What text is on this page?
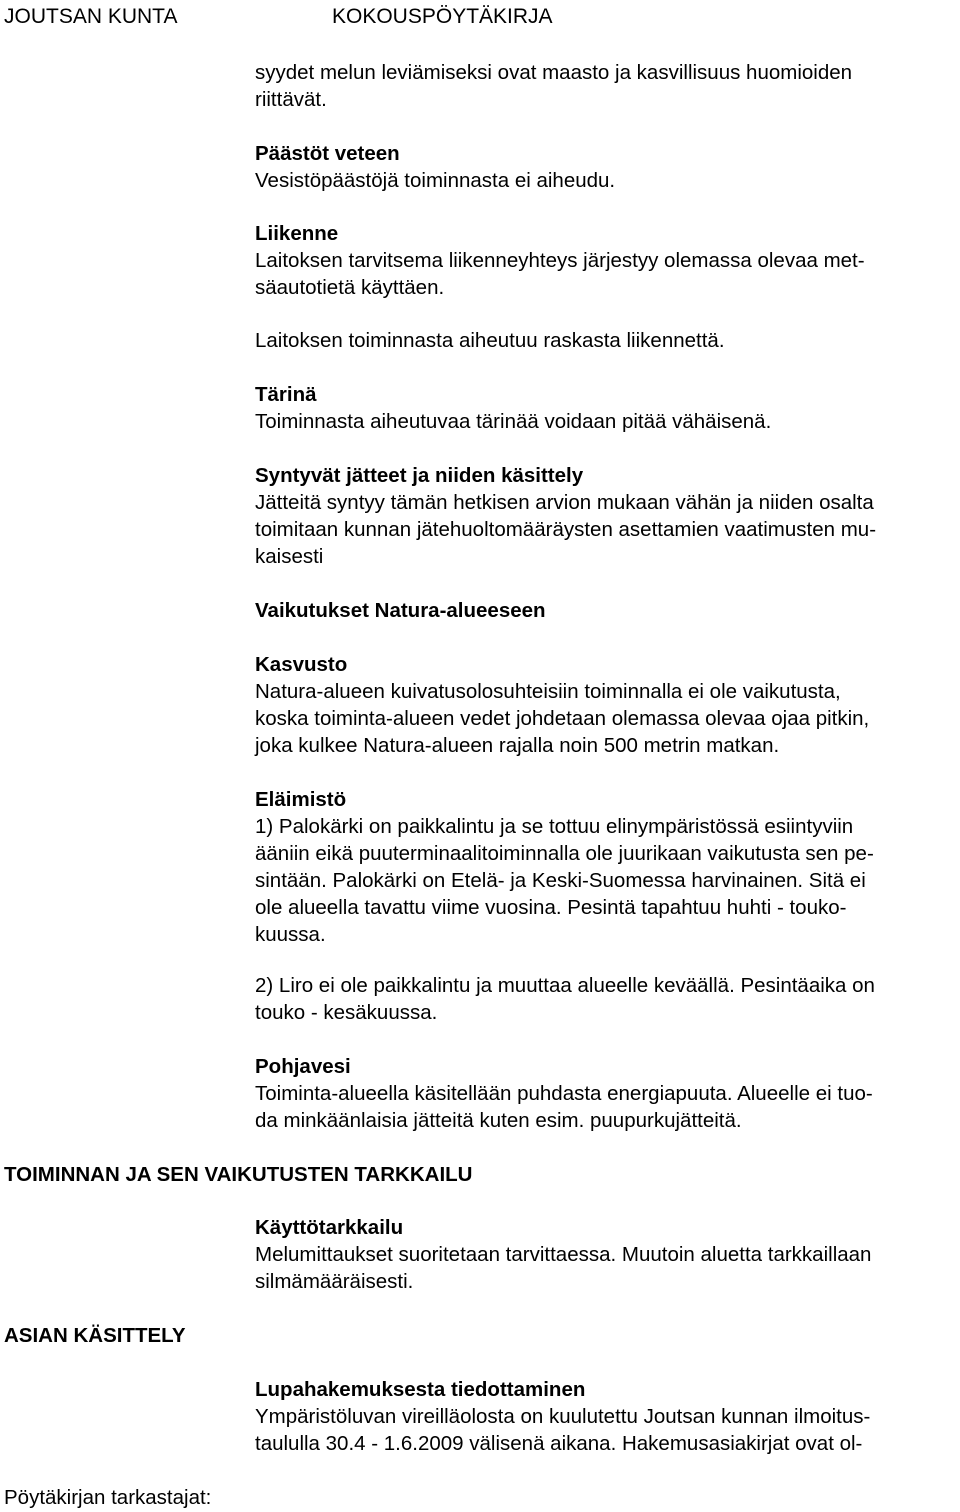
JOUTSAN KUNTA	KOKOUSPÖYTÄKIRJA
syydet melun leviämiseksi ovat maasto ja kasvillisuus huomioiden
riittävät.
Päästöt veteen
Vesistöpäästöjä toiminnasta ei aiheudu.
Liikenne
Laitoksen tarvitsema liikenneyhteys järjestyy olemassa olevaa met-
säautotietä käyttäen.
Laitoksen toiminnasta aiheutuu raskasta liikennettä.
Tärinä
Toiminnasta aiheutuvaa tärinää voidaan pitää vähäisenä.
Syntyvät jätteet ja niiden käsittely
Jätteitä syntyy tämän hetkisen arvion mukaan vähän ja niiden osalta
toimitaan kunnan jätehuoltomääräysten asettamien vaatimusten mu-
kaisesti
Vaikutukset Natura-alueeseen
Kasvusto
Natura-alueen kuivatusolosuhteisiin toiminnalla ei ole vaikutusta,
koska toiminta-alueen vedet johdetaan olemassa olevaa ojaa pitkin,
joka kulkee Natura-alueen rajalla noin 500 metrin matkan.
Eläimistö
1) Palokärki on paikkalintu ja se tottuu elinympäristössä esiintyviin
ääniin eikä puuterminaalitoiminnalla ole juurikaan vaikutusta sen pe-
sintään. Palokärki on Etelä- ja Keski-Suomessa harvinainen. Sitä ei
ole alueella tavattu viime vuosina. Pesintä tapahtuu huhti - touko-
kuussa.
2) Liro ei ole paikkalintu ja muuttaa alueelle keväällä. Pesintäaika on
touko - kesäkuussa.
Pohjavesi
Toiminta-alueella käsitellään puhdasta energiapuuta. Alueelle ei tuo-
da minkäänlaisia jätteitä kuten esim. puupurkujätteitä.
TOIMINNAN JA SEN VAIKUTUSTEN TARKKAILU
Käyttötarkkailu
Melumittaukset suoritetaan tarvittaessa. Muutoin aluetta tarkkaillaan
silmämääräisesti.
ASIAN KÄSITTELY
Lupahakemuksesta tiedottaminen
Ympäristöluvan vireilläolosta on kuulutettu Joutsan kunnan ilmoitus-
taululla 30.4 - 1.6.2009 välisenä aikana. Hakemusasiakirjat ovat ol-
Pöytäkirjan tarkastajat:
